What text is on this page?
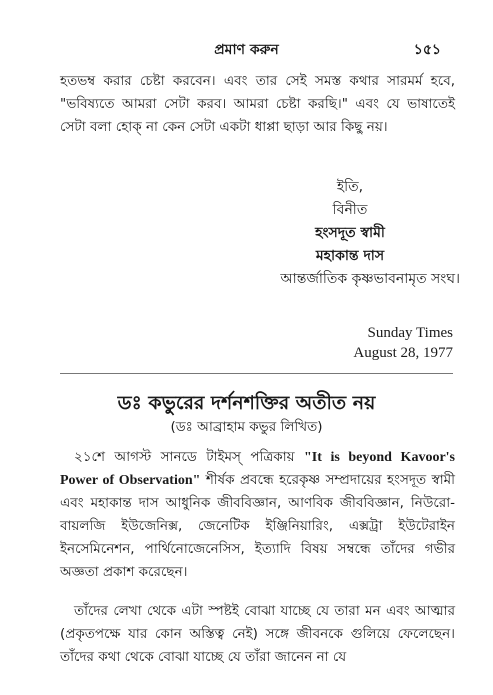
প্রমাণ করুন	১৫১
হতভম্ব করার চেষ্টা করবেন। এবং তার সেই সমস্ত কথার সারমর্ম হবে, "ভবিষ্যতে আমরা সেটা করব। আমরা চেষ্টা করছি।" এবং যে ভাষাতেই সেটা বলা হোক্ না কেন সেটা একটা ধাপ্পা ছাড়া আর কিছু নয়।
ইতি,
বিনীত
হংসদূত স্বামী
মহাকান্ত দাস
আন্তর্জাতিক কৃষ্ণভাবনামৃত সংঘ।
Sunday Times
August 28, 1977
ডঃ কভুরের দর্শনশক্তির অতীত নয়
(ডঃ আব্রাহাম কভুর লিখিত)
২১শে আগস্ট সানডে টাইমস্ পত্রিকায় "It is beyond Kavoor's Power of Observation" শীর্ষক প্রবন্ধে হরেকৃষ্ণ সম্প্রদায়ের হংসদূত স্বামী এবং মহাকান্ত দাস আধুনিক জীববিজ্ঞান, আণবিক জীববিজ্ঞান, নিউরো-বায়লজি ইউজেনিক্স, জেনেটিক ইঞ্জিনিয়ারিং, এক্সট্রা ইউটেরাইন ইনসেমিনেশন, পার্থিনোজেনেসিস, ইত্যাদি বিষয় সম্বন্ধে তাঁদের গভীর অজ্ঞতা প্রকাশ করেছেন।
তাঁদের লেখা থেকে এটা স্পষ্টই বোঝা যাচ্ছে যে তারা মন এবং আত্মার (প্রকৃতপক্ষে যার কোন অস্তিত্ব নেই) সঙ্গে জীবনকে গুলিয়ে ফেলেছেন। তাঁদের কথা থেকে বোঝা যাচ্ছে যে তাঁরা জানেন না যে
